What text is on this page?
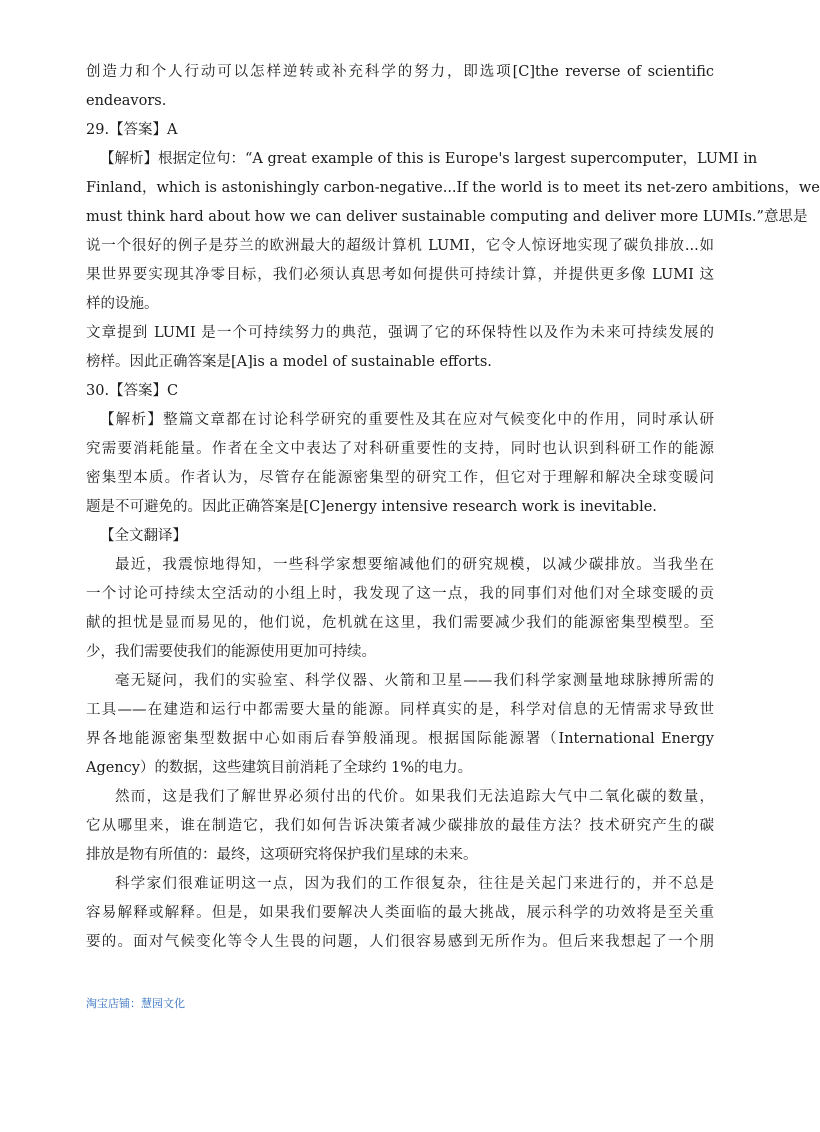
创造力和个人行动可以怎样逆转或补充科学的努力，即选项[C]the reverse of scientific
endeavors.
29.【答案】A
【解析】根据定位句：“A great example of this is Europe's largest supercomputer，LUMI in
Finland，which is astonishingly carbon-negative...If the world is to meet its net-zero ambitions，we
must think hard about how we can deliver sustainable computing and deliver more LUMIs.”意思是
说一个很好的例子是芬兰的欧洲最大的超级计算机 LUMI，它令人惊讶地实现了碳负排放...如
果世界要实现其净零目标，我们必须认真思考如何提供可持续计算，并提供更多像 LUMI 这
样的设施。
文章提到 LUMI 是一个可持续努力的典范，强调了它的环保特性以及作为未来可持续发展的
榜样。因此正确答案是[A]is a model of sustainable efforts.
30.【答案】C
【解析】整篇文章都在讨论科学研究的重要性及其在应对气候变化中的作用，同时承认研
究需要消耗能量。作者在全文中表达了对科研重要性的支持，同时也认识到科研工作的能源
密集型本质。作者认为，尽管存在能源密集型的研究工作，但它对于理解和解决全球变暖问
题是不可避免的。因此正确答案是[C]energy intensive research work is inevitable.
【全文翻译】
最近，我震惊地得知，一些科学家想要缩减他们的研究规模，以减少碳排放。当我坐在
一个讨论可持续太空活动的小组上时，我发现了这一点，我的同事们对他们对全球变暖的贡
献的担忧是显而易见的，他们说，危机就在这里，我们需要减少我们的能源密集型模型。至
少，我们需要使我们的能源使用更加可持续。
毫无疑问，我们的实验室、科学仪器、火箭和卫星——我们科学家测量地球脉搏所需的
工具——在建造和运行中都需要大量的能源。同样真实的是，科学对信息的无情需求导致世
界各地能源密集型数据中心如雨后春笋般涌现。根据国际能源署（International Energy
Agency）的数据，这些建筑目前消耗了全球约 1%的电力。
然而，这是我们了解世界必须付出的代价。如果我们无法追踪大气中二氧化碳的数量，
它从哪里来，谁在制造它，我们如何告诉决策者减少碳排放的最佳方法？技术研究产生的碳
排放是物有所值的：最终，这项研究将保护我们星球的未来。
科学家们很难证明这一点，因为我们的工作很复杂，往往是关起门来进行的，并不总是
容易解释或解释。但是，如果我们要解决人类面临的最大挑战，展示科学的功效将是至关重
要的。面对气候变化等令人生畏的问题，人们很容易感到无所作为。但后来我想起了一个朋
淘宝店铺：慧园文化
